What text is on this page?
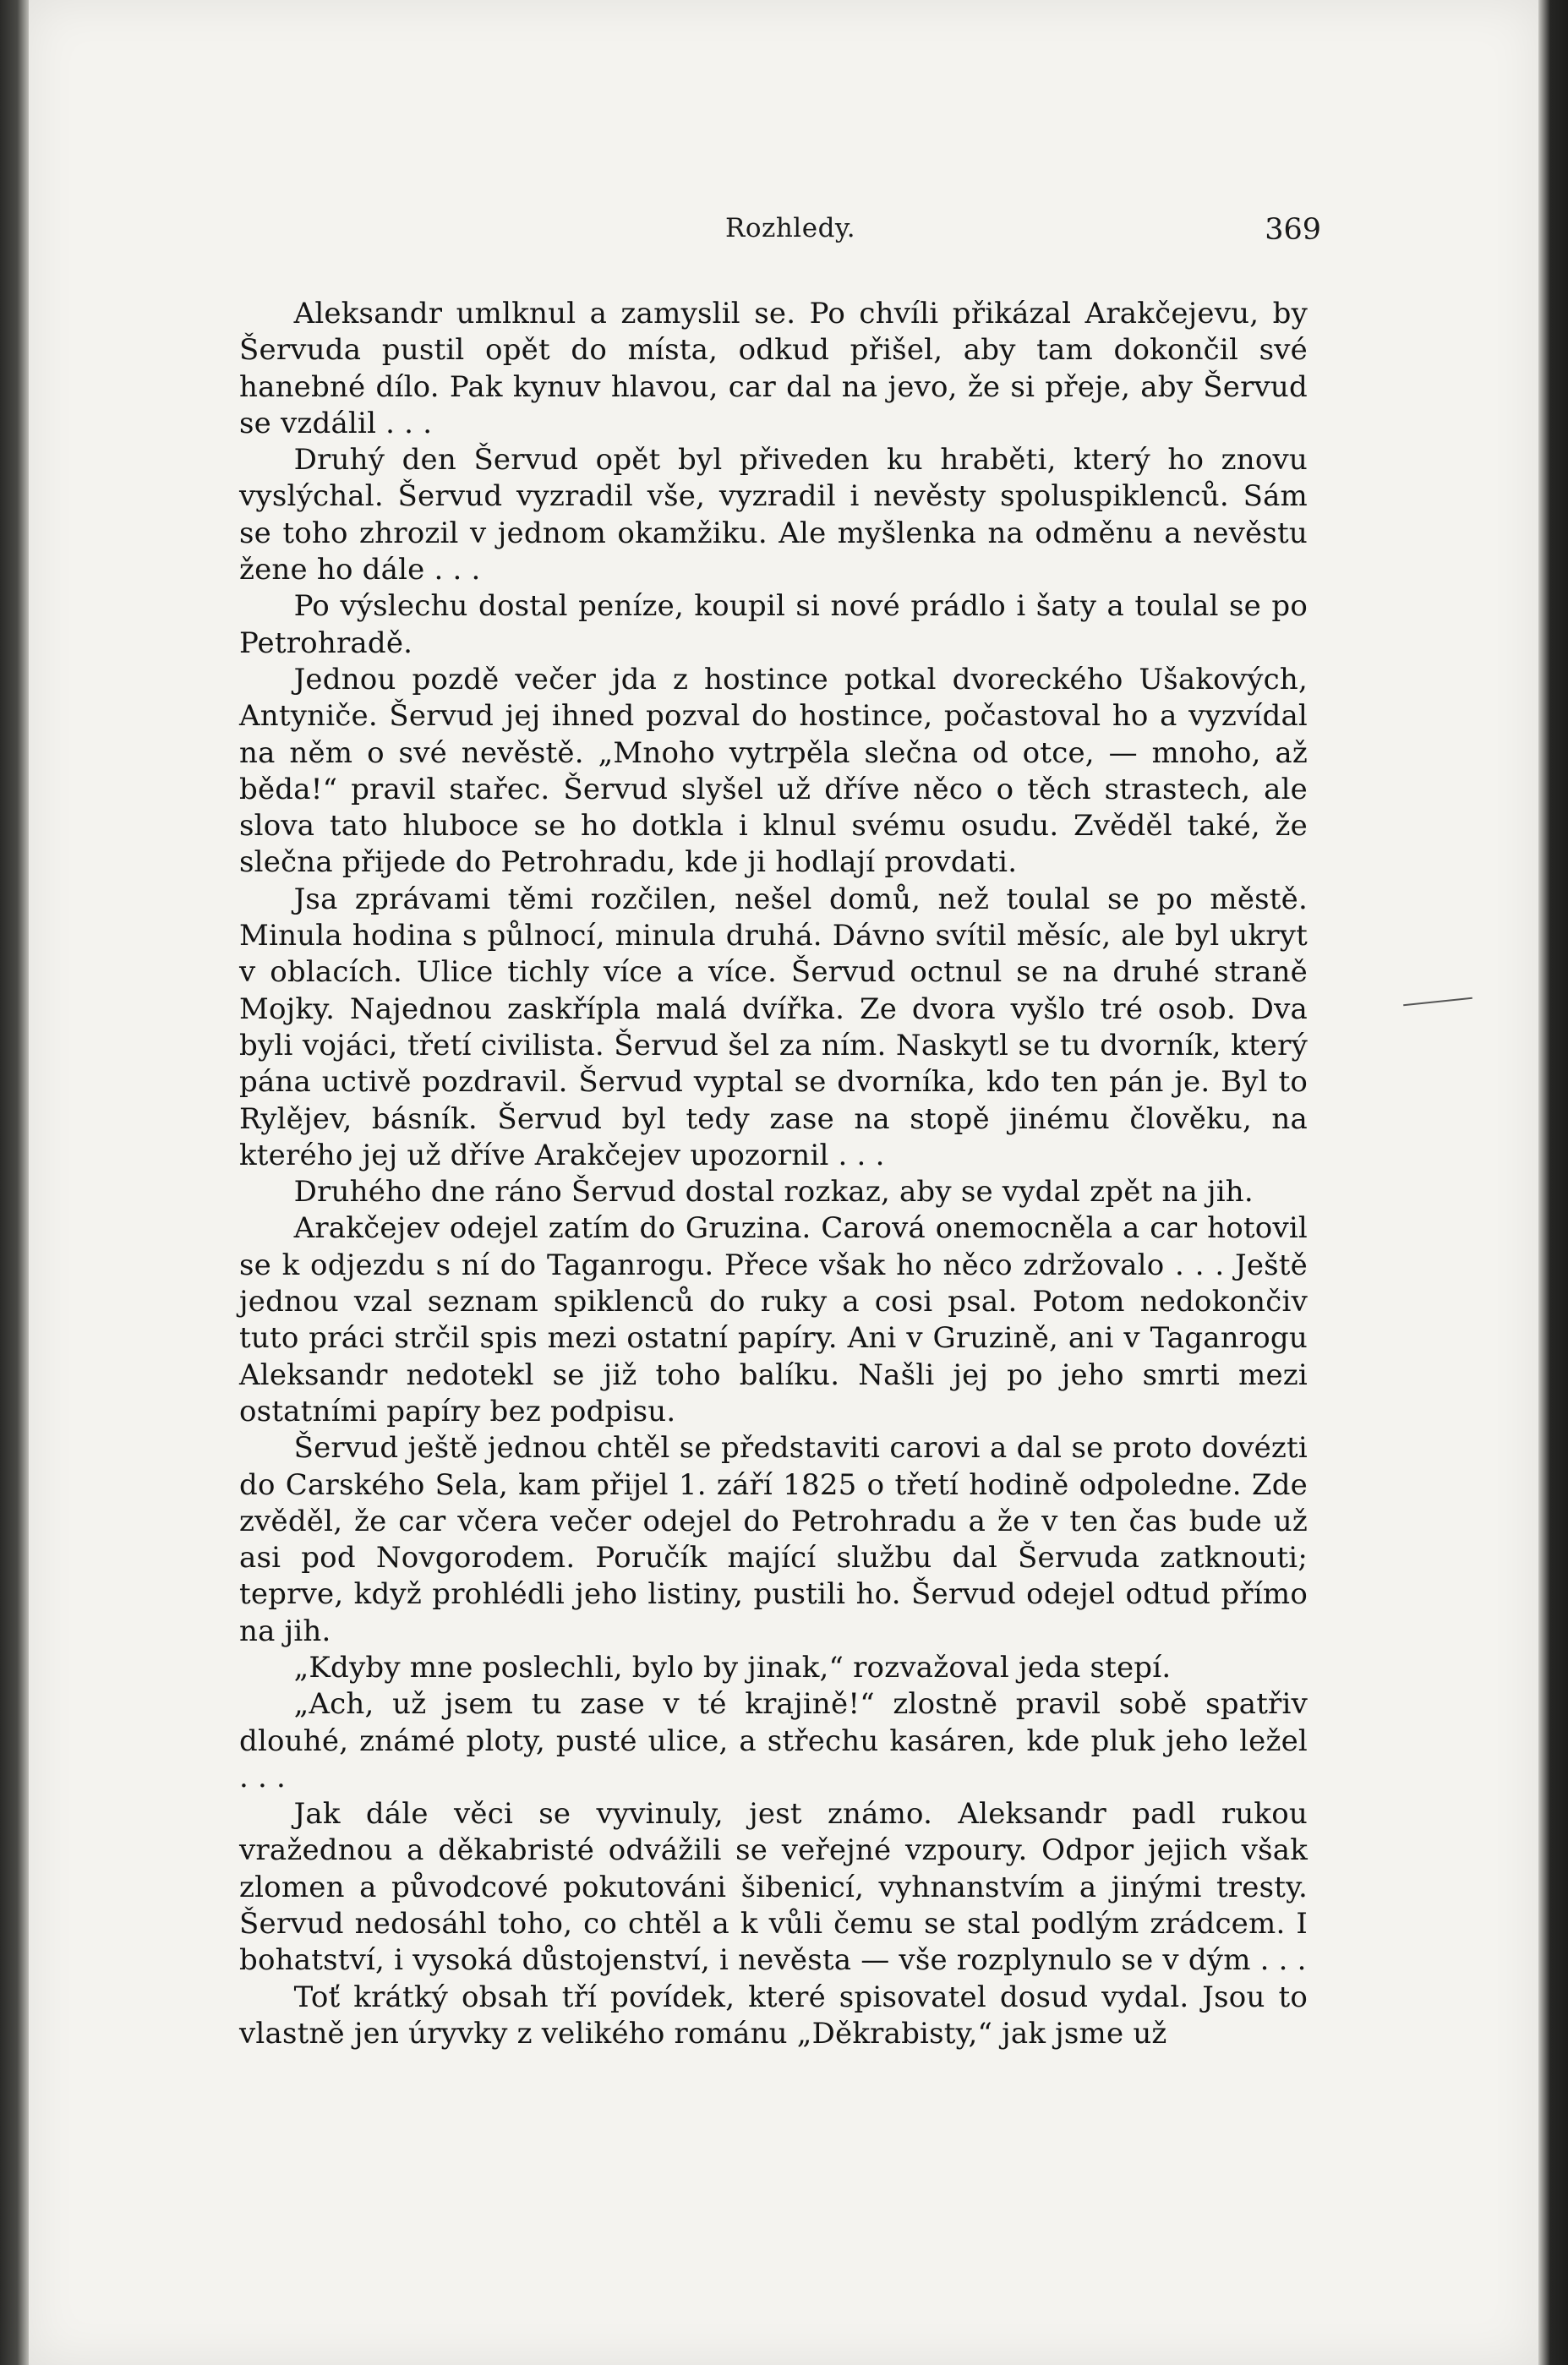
Rozhledy.	369

Aleksandr umlknul a zamyslil se. Po chvíli přikázal Arakčejevu, by Šervuda pustil opět do místa, odkud přišel, aby tam dokončil své hanebné dílo. Pak kynuv hlavou, car dal na jevo, že si přeje, aby Šervud se vzdálil . . .

Druhý den Šervud opět byl přiveden ku hraběti, který ho znovu vyslýchal. Šervud vyzradil vše, vyzradil i nevěsty spoluspiklenců. Sám se toho zhrozil v jednom okamžiku. Ale myšlenka na odměnu a nevěstu žene ho dále . . .

Po výslechu dostal peníze, koupil si nové prádlo i šaty a toulal se po Petrohradě.

Jednou pozdě večer jda z hostince potkal dvoreckého Ušakových, Antyniče. Šervud jej ihned pozval do hostince, počastoval ho a vyzvídal na něm o své nevěstě. „Mnoho vytrpěla slečna od otce, — mnoho, až běda!“ pravil stařec. Šervud slyšel už dříve něco o těch strastech, ale slova tato hluboce se ho dotkla i klnul svému osudu. Zvěděl také, že slečna přijede do Petrohradu, kde ji hodlají provdati.

Jsa zprávami těmi rozčilen, nešel domů, než toulal se po městě. Minula hodina s půlnocí, minula druhá. Dávno svítil měsíc, ale byl ukryt v oblacích. Ulice tichly více a více. Šervud octnul se na druhé straně Mojky. Najednou zaskřípla malá dvířka. Ze dvora vyšlo tré osob. Dva byli vojáci, třetí civilista. Šervud šel za ním. Naskytl se tu dvorník, který pána uctivě pozdravil. Šervud vyptal se dvorníka, kdo ten pán je. Byl to Rylějev, básník. Šervud byl tedy zase na stopě jinému člověku, na kterého jej už dříve Arakčejev upozornil . . .

Druhého dne ráno Šervud dostal rozkaz, aby se vydal zpět na jih.

Arakčejev odejel zatím do Gruzina. Carová onemocněla a car hotovil se k odjezdu s ní do Taganrogu. Přece však ho něco zdržovalo . . . Ještě jednou vzal seznam spiklenců do ruky a cosi psal. Potom nedokončiv tuto práci strčil spis mezi ostatní papíry. Ani v Gruzině, ani v Taganrogu Aleksandr nedotekl se již toho balíku. Našli jej po jeho smrti mezi ostatními papíry bez podpisu.

Šervud ještě jednou chtěl se představiti carovi a dal se proto dovézti do Carského Sela, kam přijel 1. září 1825 o třetí hodině odpoledne. Zde zvěděl, že car včera večer odejel do Petrohradu a že v ten čas bude už asi pod Novgorodem. Poručík mající službu dal Šervuda zatknouti; teprve, když prohlédli jeho listiny, pustili ho. Šervud odejel odtud přímo na jih.

„Kdyby mne poslechli, bylo by jinak,“ rozvažoval jeda stepí.

„Ach, už jsem tu zase v té krajině!“ zlostně pravil sobě spatřiv dlouhé, známé ploty, pusté ulice, a střechu kasáren, kde pluk jeho ležel . . .

Jak dále věci se vyvinuly, jest známo. Aleksandr padl rukou vražednou a děkabristé odvážili se veřejné vzpoury. Odpor jejich však zlomen a původcové pokutováni šibenicí, vyhnanstvím a jinými tresty. Šervud nedosáhl toho, co chtěl a k vůli čemu se stal podlým zrádcem. I bohatství, i vysoká důstojenství, i nevěsta — vše rozplynulo se v dým . . .

Toť krátký obsah tří povídek, které spisovatel dosud vydal. Jsou to vlastně jen úryvky z velikého románu „Děkrabisty,“ jak jsme už
